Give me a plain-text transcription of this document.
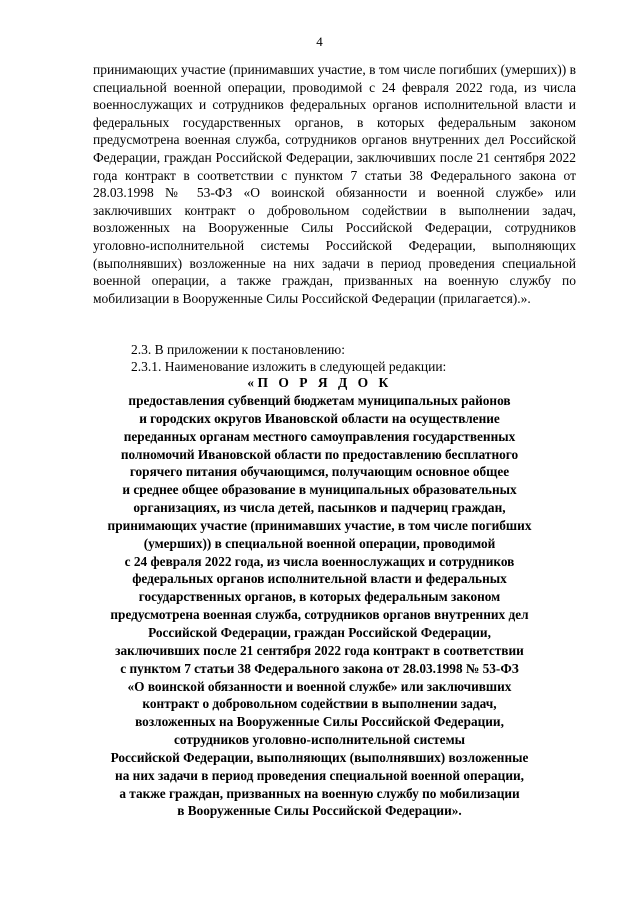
4
принимающих участие (принимавших участие, в том числе погибших (умерших)) в специальной военной операции, проводимой с 24 февраля 2022 года, из числа военнослужащих и сотрудников федеральных органов исполнительной власти и федеральных государственных органов, в которых федеральным законом предусмотрена военная служба, сотрудников органов внутренних дел Российской Федерации, граждан Российской Федерации, заключивших после 21 сентября 2022 года контракт в соответствии с пунктом 7 статьи 38 Федерального закона от 28.03.1998 № 53-ФЗ «О воинской обязанности и военной службе» или заключивших контракт о добровольном содействии в выполнении задач, возложенных на Вооруженные Силы Российской Федерации, сотрудников уголовно-исполнительной системы Российской Федерации, выполняющих (выполнявших) возложенные на них задачи в период проведения специальной военной операции, а также граждан, призванных на военную службу по мобилизации в Вооруженные Силы Российской Федерации (прилагается).».
2.3. В приложении к постановлению:
2.3.1. Наименование изложить в следующей редакции:
«П О Р Я Д О К
предоставления субвенций бюджетам муниципальных районов
и городских округов Ивановской области на осуществление
переданных органам местного самоуправления государственных
полномочий Ивановской области по предоставлению бесплатного
горячего питания обучающимся, получающим основное общее
и среднее общее образование в муниципальных образовательных
организациях, из числа детей, пасынков и падчериц граждан,
принимающих участие (принимавших участие, в том числе погибших
(умерших)) в специальной военной операции, проводимой
с 24 февраля 2022 года, из числа военнослужащих и сотрудников
федеральных органов исполнительной власти и федеральных
государственных органов, в которых федеральным законом
предусмотрена военная служба, сотрудников органов внутренних дел
Российской Федерации, граждан Российской Федерации,
заключивших после 21 сентября 2022 года контракт в соответствии
с пунктом 7 статьи 38 Федерального закона от 28.03.1998 № 53-ФЗ
«О воинской обязанности и военной службе» или заключивших
контракт о добровольном содействии в выполнении задач,
возложенных на Вооруженные Силы Российской Федерации,
сотрудников уголовно-исполнительной системы
Российской Федерации, выполняющих (выполнявших) возложенные
на них задачи в период проведения специальной военной операции,
а также граждан, призванных на военную службу по мобилизации
в Вооруженные Силы Российской Федерации».
